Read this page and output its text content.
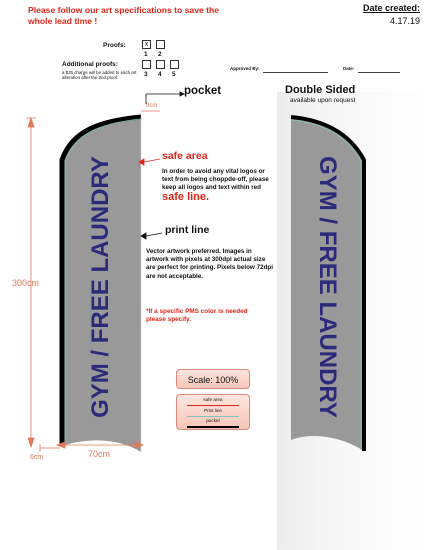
Please follow our art specifications to save the whole lead time !
Date created:
4.17.19
Proofs:	x
1 2
Additional proofs:
3 4 5
a $25 charge will be added to each art alteration after the 2nd proof.
Approved By:	Date:
pocket	Double Sided
available upon request
9cm
GYM / FREE LAUNDRY	GYM / FREE LAUNDRY
safe area
In order to avoid any vital logos or text from being choppde-off, please keep all logos and text within red safe line.
print line
Vector artwork preferred. Images in artwork with pixels at 300dpi actual size are perfect for printing. Pixels below 72dpi are not acceptable.
*If a specific PMS color is needed please specify.
Scale: 100%
safe area
Print line
pocket
300cm
70cm
6cm
